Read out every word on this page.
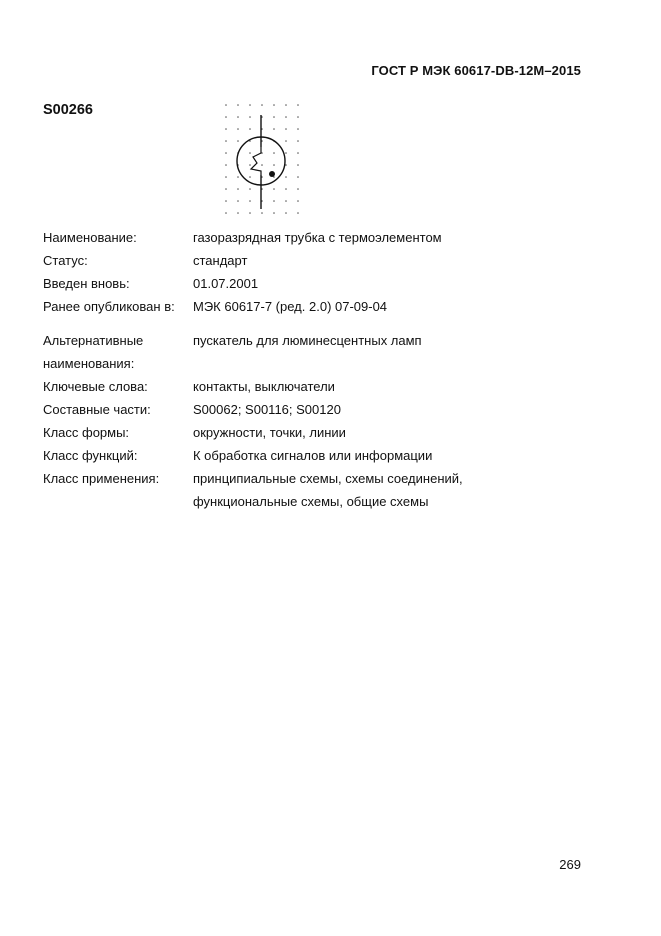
ГОСТ Р МЭК 60617-DB-12M–2015
S00266
Наименование:	газоразрядная трубка с термоэлементом
Статус:	стандарт
Введен вновь:	01.07.2001
Ранее опубликован в:	МЭК 60617-7 (ред. 2.0) 07-09-04
Альтернативные	пускатель для люминесцентных ламп
наименования:
Ключевые слова:	контакты, выключатели
Составные части:	S00062; S00116; S00120
Класс формы:	окружности, точки, линии
Класс функций:	К обработка сигналов или информации
Класс применения:	принципиальные схемы, схемы соединений,
функциональные схемы, общие схемы
269
